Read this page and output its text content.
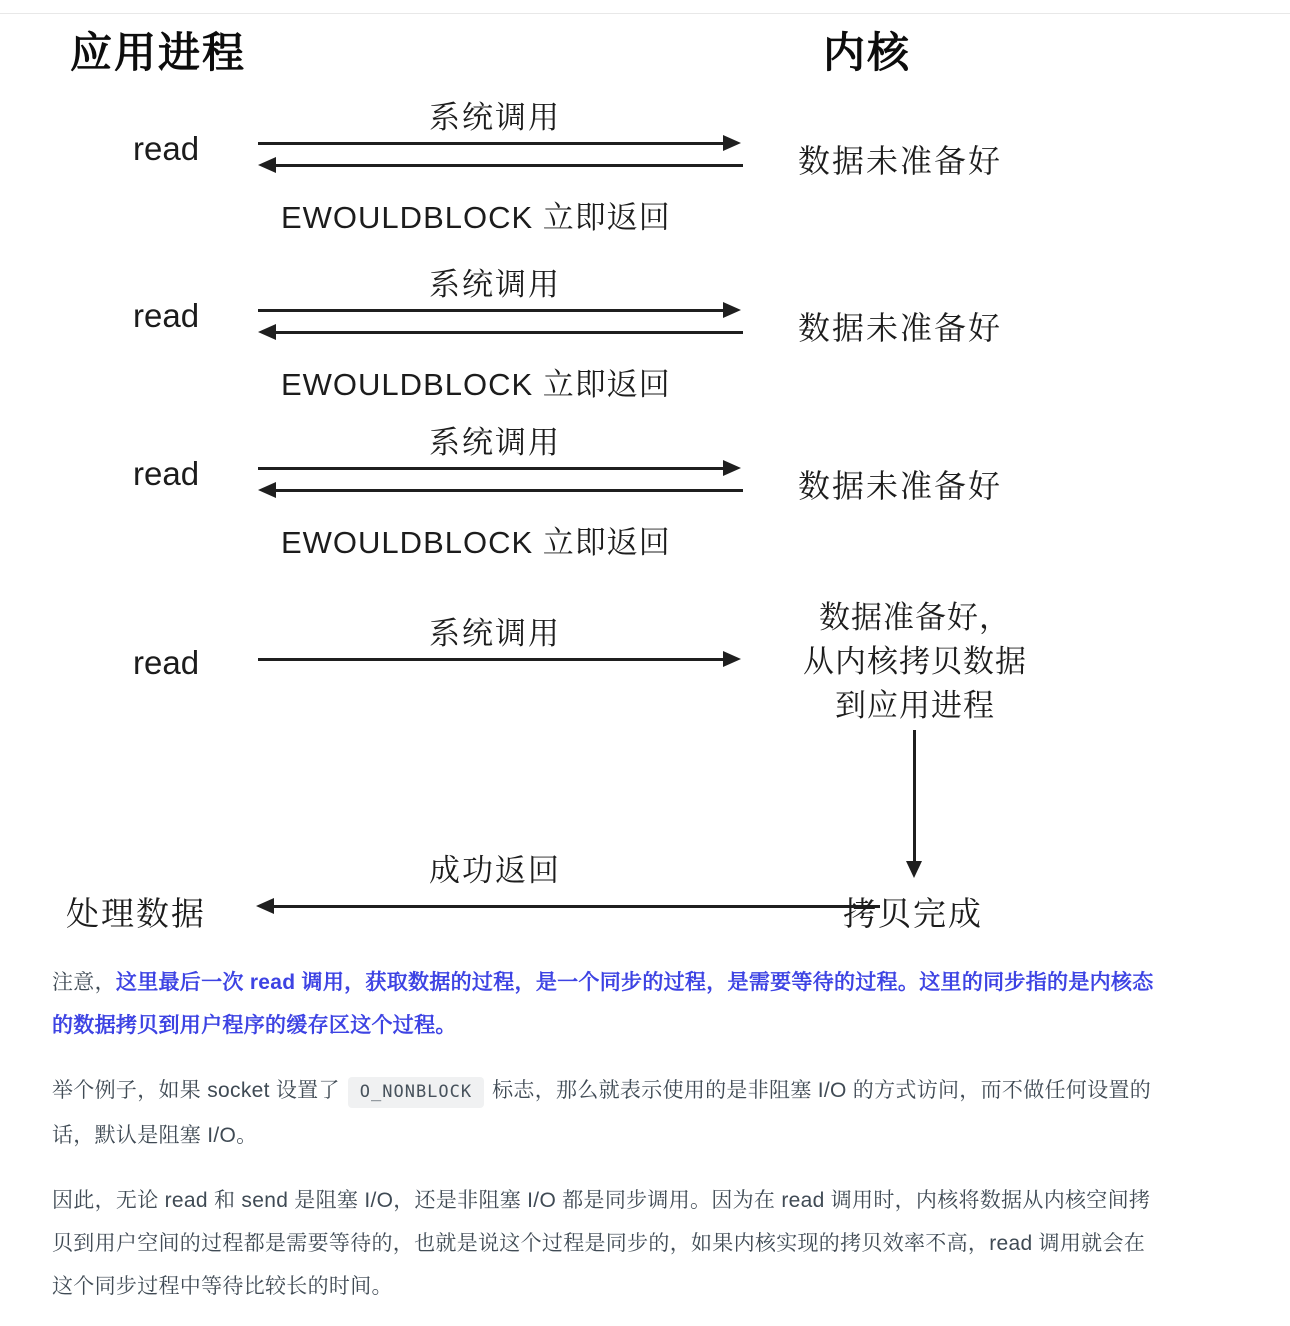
应用进程	内核
系统调用
read	数据未准备好
EWOULDBLOCK 立即返回
系统调用
read	数据未准备好
EWOULDBLOCK 立即返回
系统调用
read	数据未准备好
EWOULDBLOCK 立即返回
系统调用
read
数据准备好，
从内核拷贝数据
到应用进程
成功返回
处理数据	拷贝完成

注意，这里最后一次 read 调用，获取数据的过程，是一个同步的过程，是需要等待的过程。这里的同步指的是内核态的数据拷贝到用户程序的缓存区这个过程。

举个例子，如果 socket 设置了 O_NONBLOCK 标志，那么就表示使用的是非阻塞 I/O 的方式访问，而不做任何设置的话，默认是阻塞 I/O。

因此，无论 read 和 send 是阻塞 I/O，还是非阻塞 I/O 都是同步调用。因为在 read 调用时，内核将数据从内核空间拷贝到用户空间的过程都是需要等待的，也就是说这个过程是同步的，如果内核实现的拷贝效率不高，read 调用就会在这个同步过程中等待比较长的时间。
